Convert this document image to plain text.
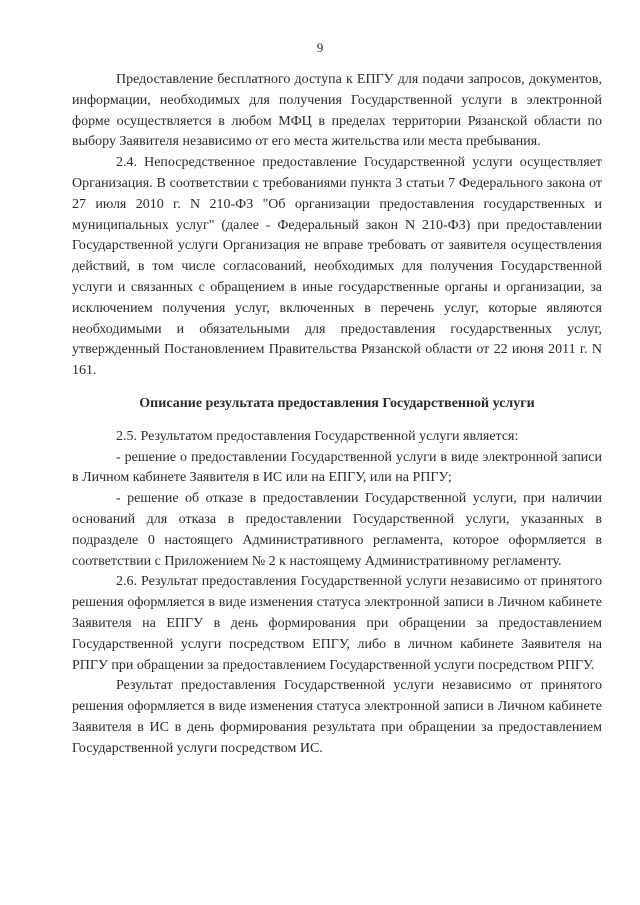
9

Предоставление бесплатного доступа к ЕПГУ для подачи запросов, документов, информации, необходимых для получения Государственной услуги в электронной форме осуществляется в любом МФЦ в пределах территории Рязанской области по выбору Заявителя независимо от его места жительства или места пребывания.

2.4. Непосредственное предоставление Государственной услуги осуществляет Организация. В соответствии с требованиями пункта 3 статьи 7 Федерального закона от 27 июля 2010 г. N 210-ФЗ "Об организации предоставления государственных и муниципальных услуг" (далее - Федеральный закон N 210-ФЗ) при предоставлении Государственной услуги Организация не вправе требовать от заявителя осуществления действий, в том числе согласований, необходимых для получения Государственной услуги и связанных с обращением в иные государственные органы и организации, за исключением получения услуг, включенных в перечень услуг, которые являются необходимыми и обязательными для предоставления государственных услуг, утвержденный Постановлением Правительства Рязанской области от 22 июня 2011 г. N 161.

Описание результата предоставления Государственной услуги

2.5. Результатом предоставления Государственной услуги является:

- решение о предоставлении Государственной услуги в виде электронной записи в Личном кабинете Заявителя в ИС или на ЕПГУ, или на РПГУ;

- решение об отказе в предоставлении Государственной услуги, при наличии оснований для отказа в предоставлении Государственной услуги, указанных в подразделе 0 настоящего Административного регламента, которое оформляется в соответствии с Приложением № 2 к настоящему Административному регламенту.

2.6. Результат предоставления Государственной услуги независимо от принятого решения оформляется в виде изменения статуса электронной записи в Личном кабинете Заявителя на ЕПГУ в день формирования при обращении за предоставлением Государственной услуги посредством ЕПГУ, либо в личном кабинете Заявителя на РПГУ при обращении за предоставлением Государственной услуги посредством РПГУ.

Результат предоставления Государственной услуги независимо от принятого решения оформляется в виде изменения статуса электронной записи в Личном кабинете Заявителя в ИС в день формирования результата при обращении за предоставлением Государственной услуги посредством ИС.
